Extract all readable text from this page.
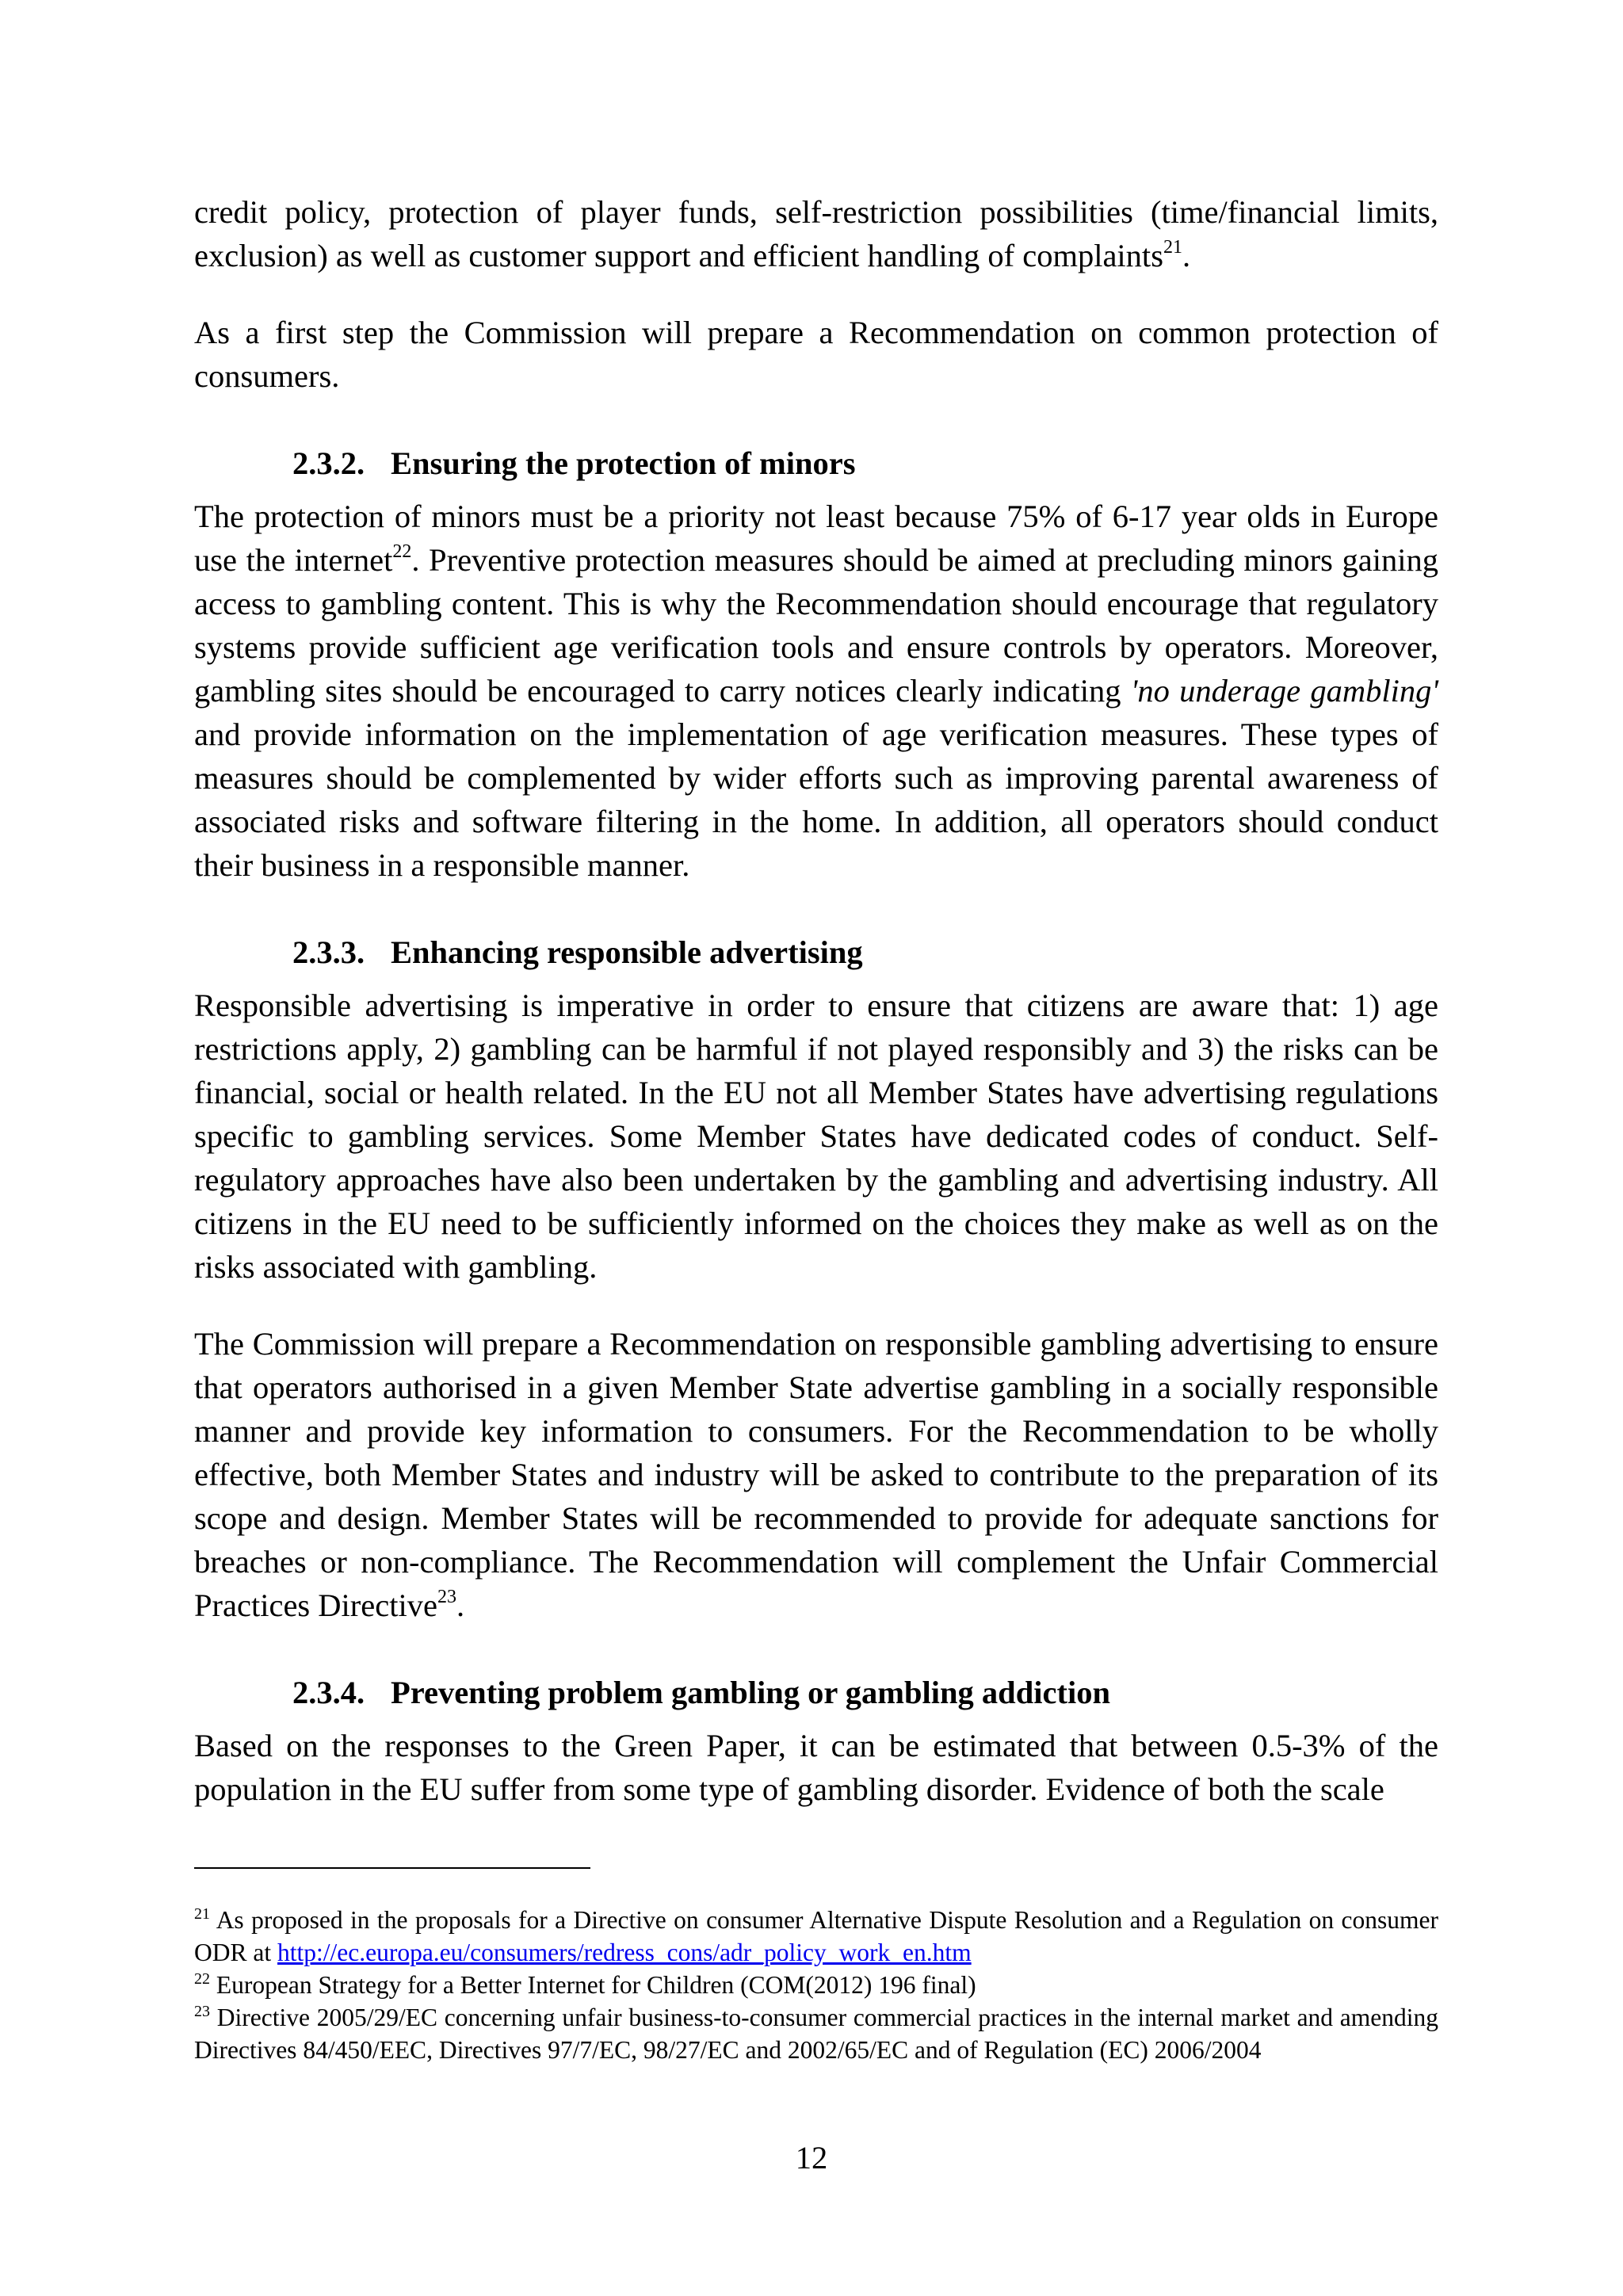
credit policy, protection of player funds, self-restriction possibilities (time/financial limits, exclusion) as well as customer support and efficient handling of complaints$^{21}$.

As a first step the Commission will prepare a Recommendation on common protection of consumers.

2.3.2. Ensuring the protection of minors

The protection of minors must be a priority not least because 75% of 6-17 year olds in Europe use the internet$^{22}$. Preventive protection measures should be aimed at precluding minors gaining access to gambling content. This is why the Recommendation should encourage that regulatory systems provide sufficient age verification tools and ensure controls by operators. Moreover, gambling sites should be encouraged to carry notices clearly indicating 'no underage gambling' and provide information on the implementation of age verification measures. These types of measures should be complemented by wider efforts such as improving parental awareness of associated risks and software filtering in the home. In addition, all operators should conduct their business in a responsible manner.

2.3.3. Enhancing responsible advertising

Responsible advertising is imperative in order to ensure that citizens are aware that: 1) age restrictions apply, 2) gambling can be harmful if not played responsibly and 3) the risks can be financial, social or health related. In the EU not all Member States have advertising regulations specific to gambling services. Some Member States have dedicated codes of conduct. Self-regulatory approaches have also been undertaken by the gambling and advertising industry. All citizens in the EU need to be sufficiently informed on the choices they make as well as on the risks associated with gambling.

The Commission will prepare a Recommendation on responsible gambling advertising to ensure that operators authorised in a given Member State advertise gambling in a socially responsible manner and provide key information to consumers. For the Recommendation to be wholly effective, both Member States and industry will be asked to contribute to the preparation of its scope and design. Member States will be recommended to provide for adequate sanctions for breaches or non-compliance. The Recommendation will complement the Unfair Commercial Practices Directive$^{23}$.

2.3.4. Preventing problem gambling or gambling addiction

Based on the responses to the Green Paper, it can be estimated that between 0.5-3% of the population in the EU suffer from some type of gambling disorder. Evidence of both the scale

$^{21}$ As proposed in the proposals for a Directive on consumer Alternative Dispute Resolution and a Regulation on consumer ODR at http://ec.europa.eu/consumers/redress_cons/adr_policy_work_en.htm

$^{22}$ European Strategy for a Better Internet for Children (COM(2012) 196 final)

$^{23}$ Directive 2005/29/EC concerning unfair business-to-consumer commercial practices in the internal market and amending Directives 84/450/EEC, Directives 97/7/EC, 98/27/EC and 2002/65/EC and of Regulation (EC) 2006/2004

12
